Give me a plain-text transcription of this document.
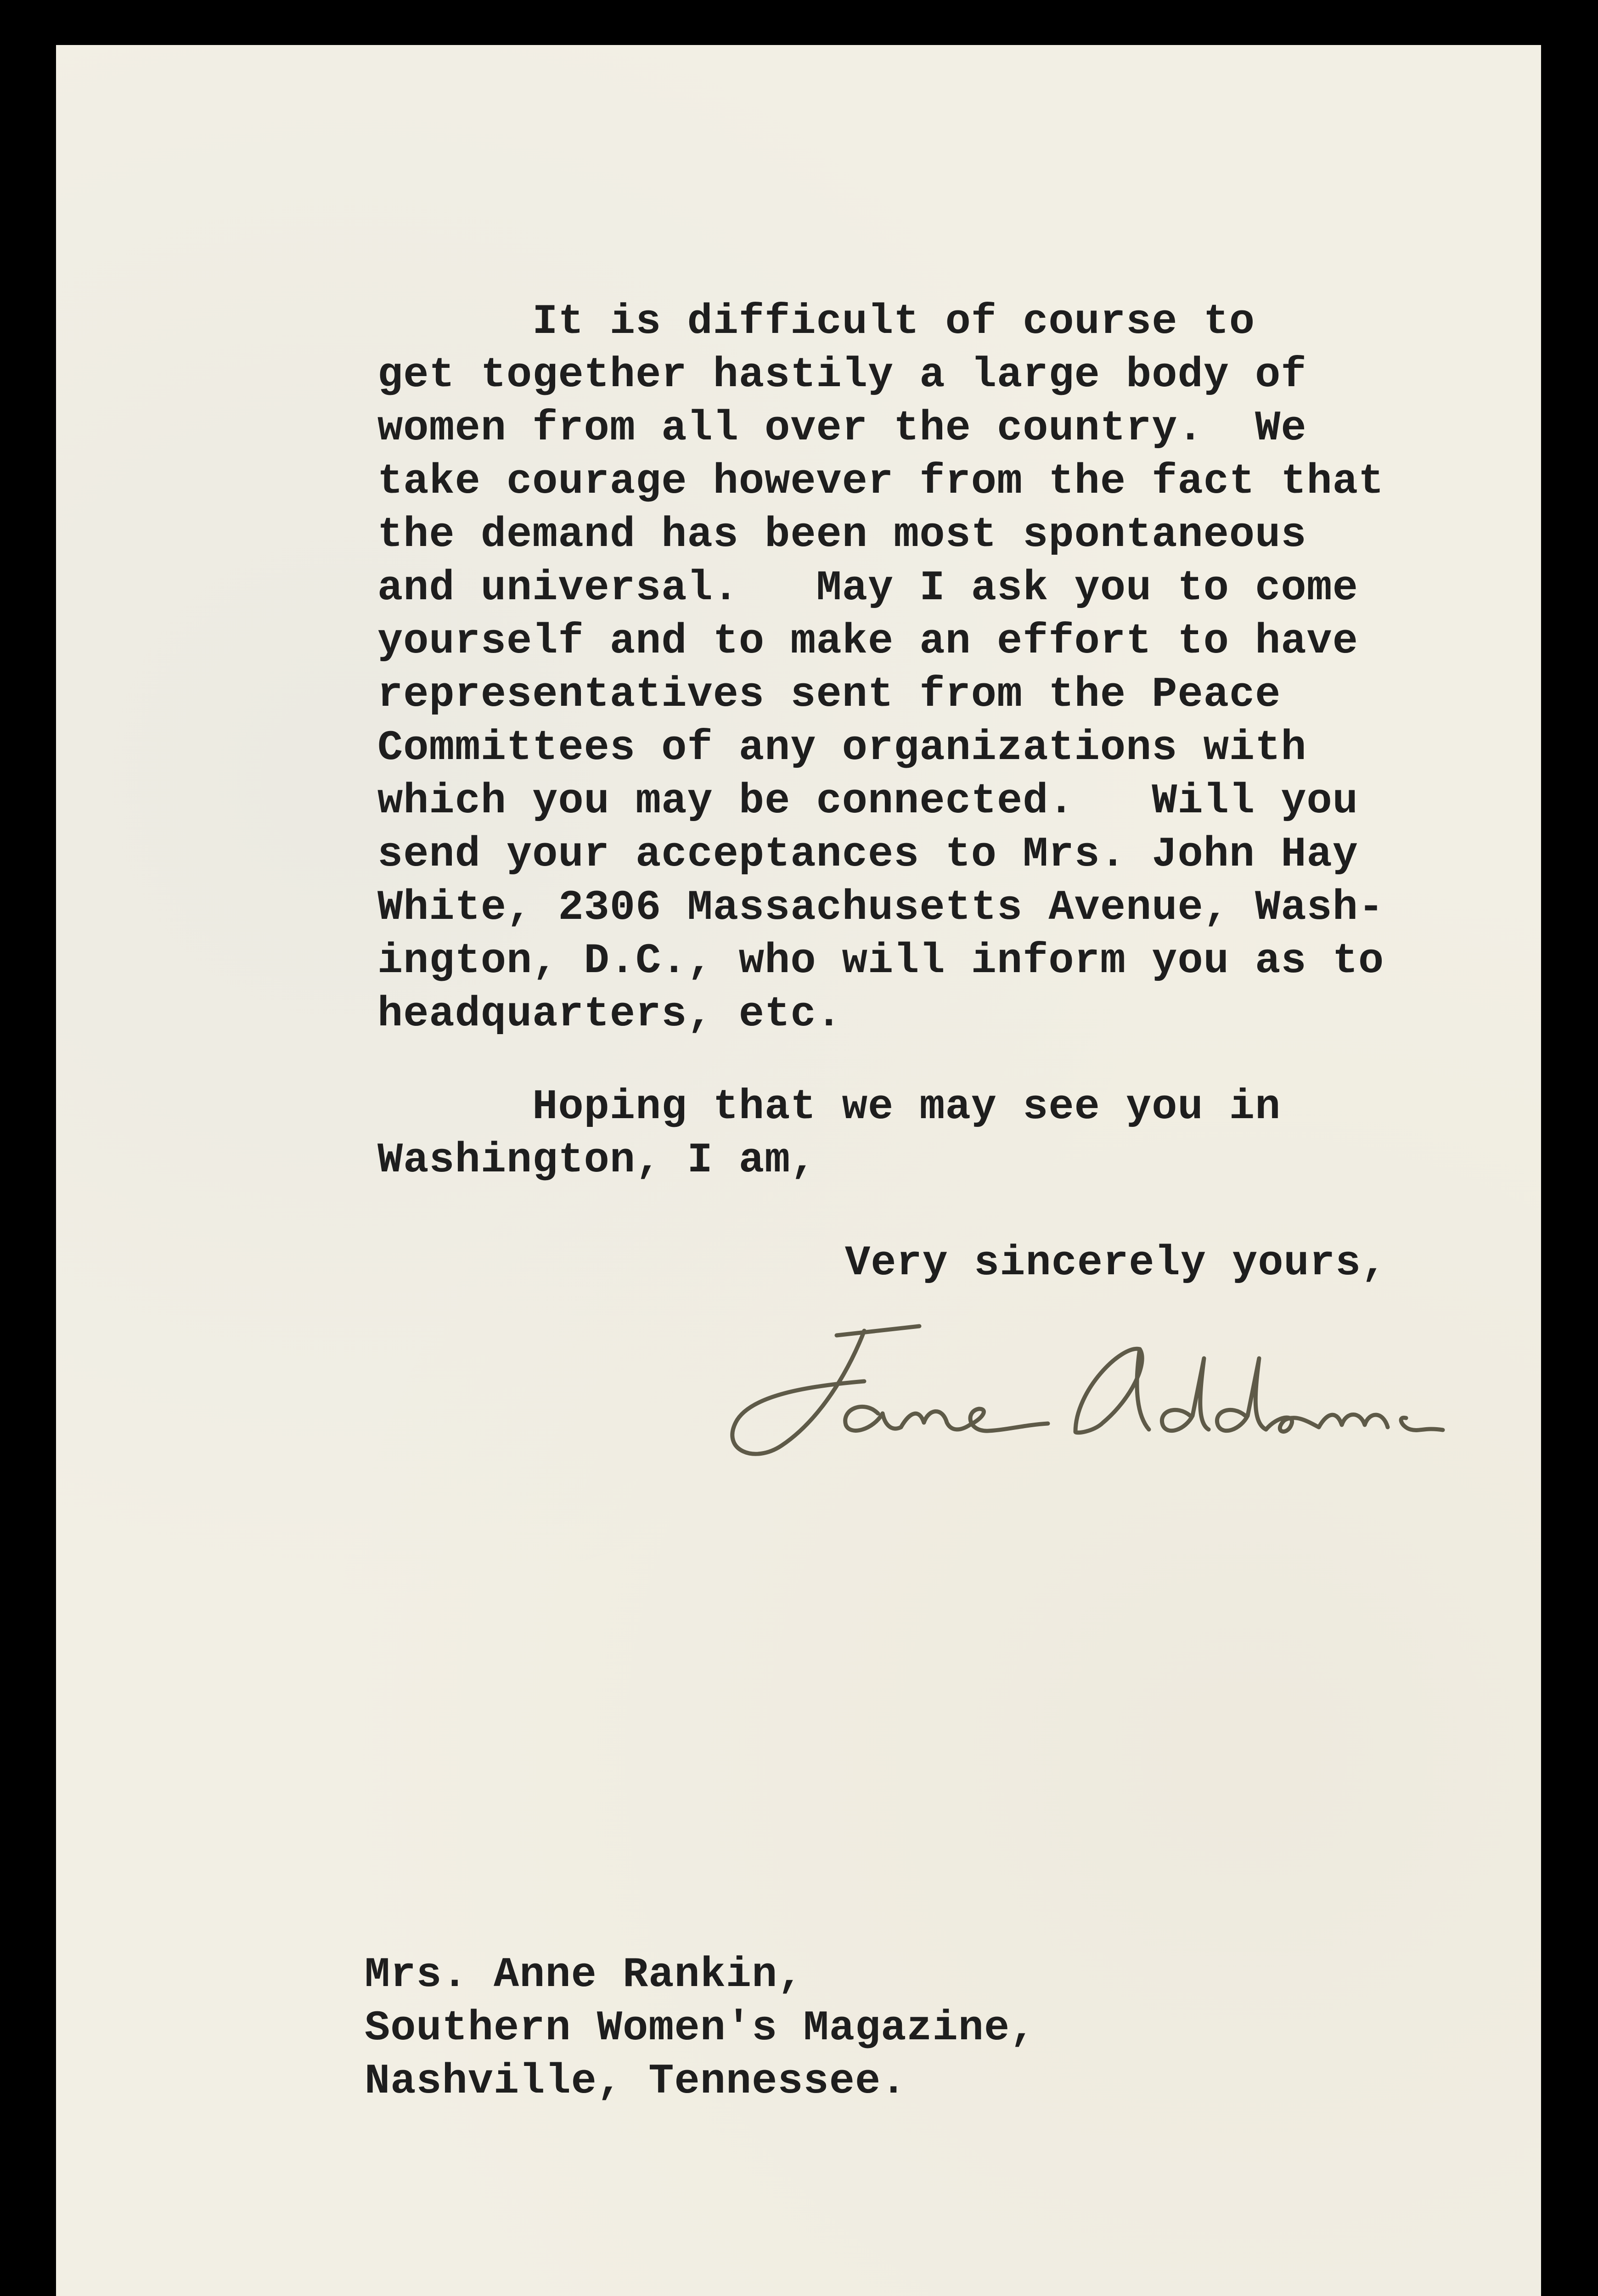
It is difficult of course to
get together hastily a large body of
women from all over the country.  We
take courage however from the fact that
the demand has been most spontaneous
and universal.   May I ask you to come
yourself and to make an effort to have
representatives sent from the Peace
Committees of any organizations with
which you may be connected.   Will you
send your acceptances to Mrs. John Hay
White, 2306 Massachusetts Avenue, Wash-
ington, D.C., who will inform you as to
headquarters, etc.
Hoping that we may see you in
Washington, I am,

Very sincerely yours,

Mrs. Anne Rankin,
Southern Women's Magazine,
Nashville, Tennessee.
